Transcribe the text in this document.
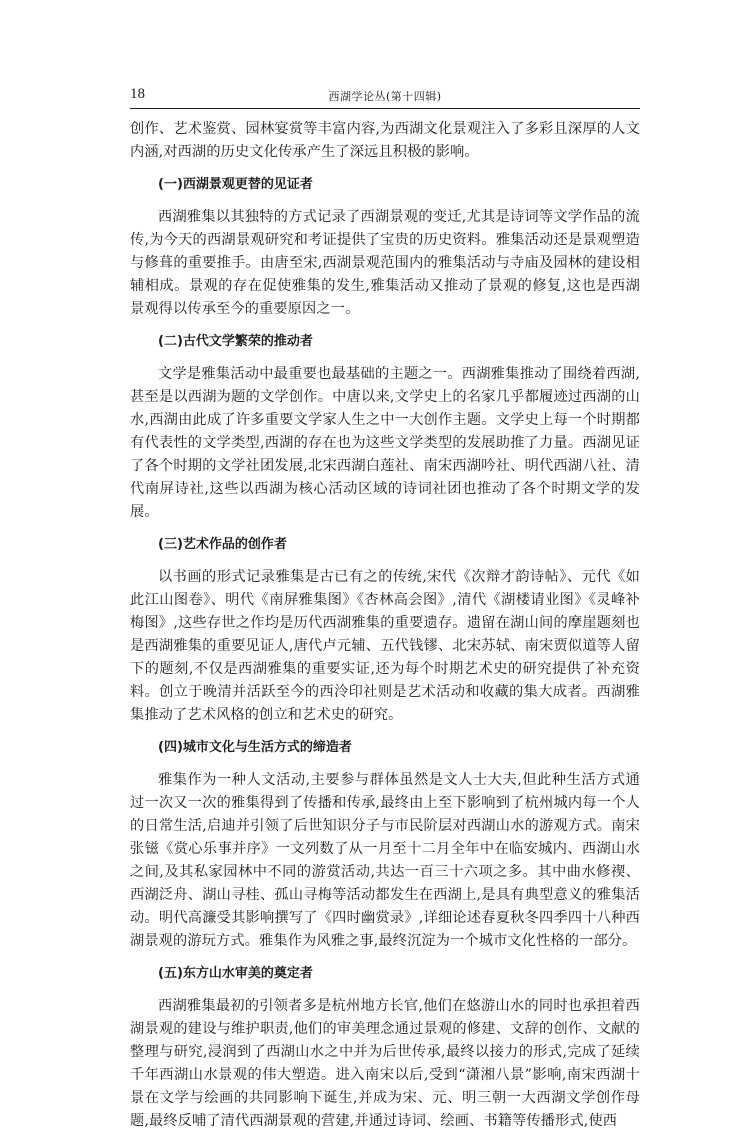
18	西湖学论丛(第十四辑)

创作、艺术鉴赏、园林宴赏等丰富内容,为西湖文化景观注入了多彩且深厚的人文内涵,对西湖的历史文化传承产生了深远且积极的影响。

(一)西湖景观更替的见证者

西湖雅集以其独特的方式记录了西湖景观的变迁,尤其是诗词等文学作品的流传,为今天的西湖景观研究和考证提供了宝贵的历史资料。雅集活动还是景观塑造与修葺的重要推手。由唐至宋,西湖景观范围内的雅集活动与寺庙及园林的建设相辅相成。景观的存在促使雅集的发生,雅集活动又推动了景观的修复,这也是西湖景观得以传承至今的重要原因之一。

(二)古代文学繁荣的推动者

文学是雅集活动中最重要也最基础的主题之一。西湖雅集推动了围绕着西湖,甚至是以西湖为题的文学创作。中唐以来,文学史上的名家几乎都履迹过西湖的山水,西湖由此成了许多重要文学家人生之中一大创作主题。文学史上每一个时期都有代表性的文学类型,西湖的存在也为这些文学类型的发展助推了力量。西湖见证了各个时期的文学社团发展,北宋西湖白莲社、南宋西湖吟社、明代西湖八社、清代南屏诗社,这些以西湖为核心活动区域的诗词社团也推动了各个时期文学的发展。

(三)艺术作品的创作者

以书画的形式记录雅集是古已有之的传统,宋代《次辩才韵诗帖》、元代《如此江山图卷》、明代《南屏雅集图》《杏林高会图》,清代《湖楼请业图》《灵峰补梅图》,这些存世之作均是历代西湖雅集的重要遗存。遗留在湖山间的摩崖题刻也是西湖雅集的重要见证人,唐代卢元辅、五代钱镠、北宋苏轼、南宋贾似道等人留下的题刻,不仅是西湖雅集的重要实证,还为每个时期艺术史的研究提供了补充资料。创立于晚清并活跃至今的西泠印社则是艺术活动和收藏的集大成者。西湖雅集推动了艺术风格的创立和艺术史的研究。

(四)城市文化与生活方式的缔造者

雅集作为一种人文活动,主要参与群体虽然是文人士大夫,但此种生活方式通过一次又一次的雅集得到了传播和传承,最终由上至下影响到了杭州城内每一个人的日常生活,启迪并引领了后世知识分子与市民阶层对西湖山水的游观方式。南宋张镃《赏心乐事并序》一文列数了从一月至十二月全年中在临安城内、西湖山水之间,及其私家园林中不同的游赏活动,共达一百三十六项之多。其中曲水修禊、西湖泛舟、湖山寻桂、孤山寻梅等活动都发生在西湖上,是具有典型意义的雅集活动。明代高濂受其影响撰写了《四时幽赏录》,详细论述春夏秋冬四季四十八种西湖景观的游玩方式。雅集作为风雅之事,最终沉淀为一个城市文化性格的一部分。

(五)东方山水审美的奠定者

西湖雅集最初的引领者多是杭州地方长官,他们在悠游山水的同时也承担着西湖景观的建设与维护职责,他们的审美理念通过景观的修建、文辞的创作、文献的整理与研究,浸润到了西湖山水之中并为后世传承,最终以接力的形式,完成了延续千年西湖山水景观的伟大塑造。进入南宋以后,受到“潇湘八景”影响,南宋西湖十景在文学与绘画的共同影响下诞生,并成为宋、元、明三朝一大西湖文学创作母题,最终反哺了清代西湖景观的营建,并通过诗词、绘画、书籍等传播形式,使西
